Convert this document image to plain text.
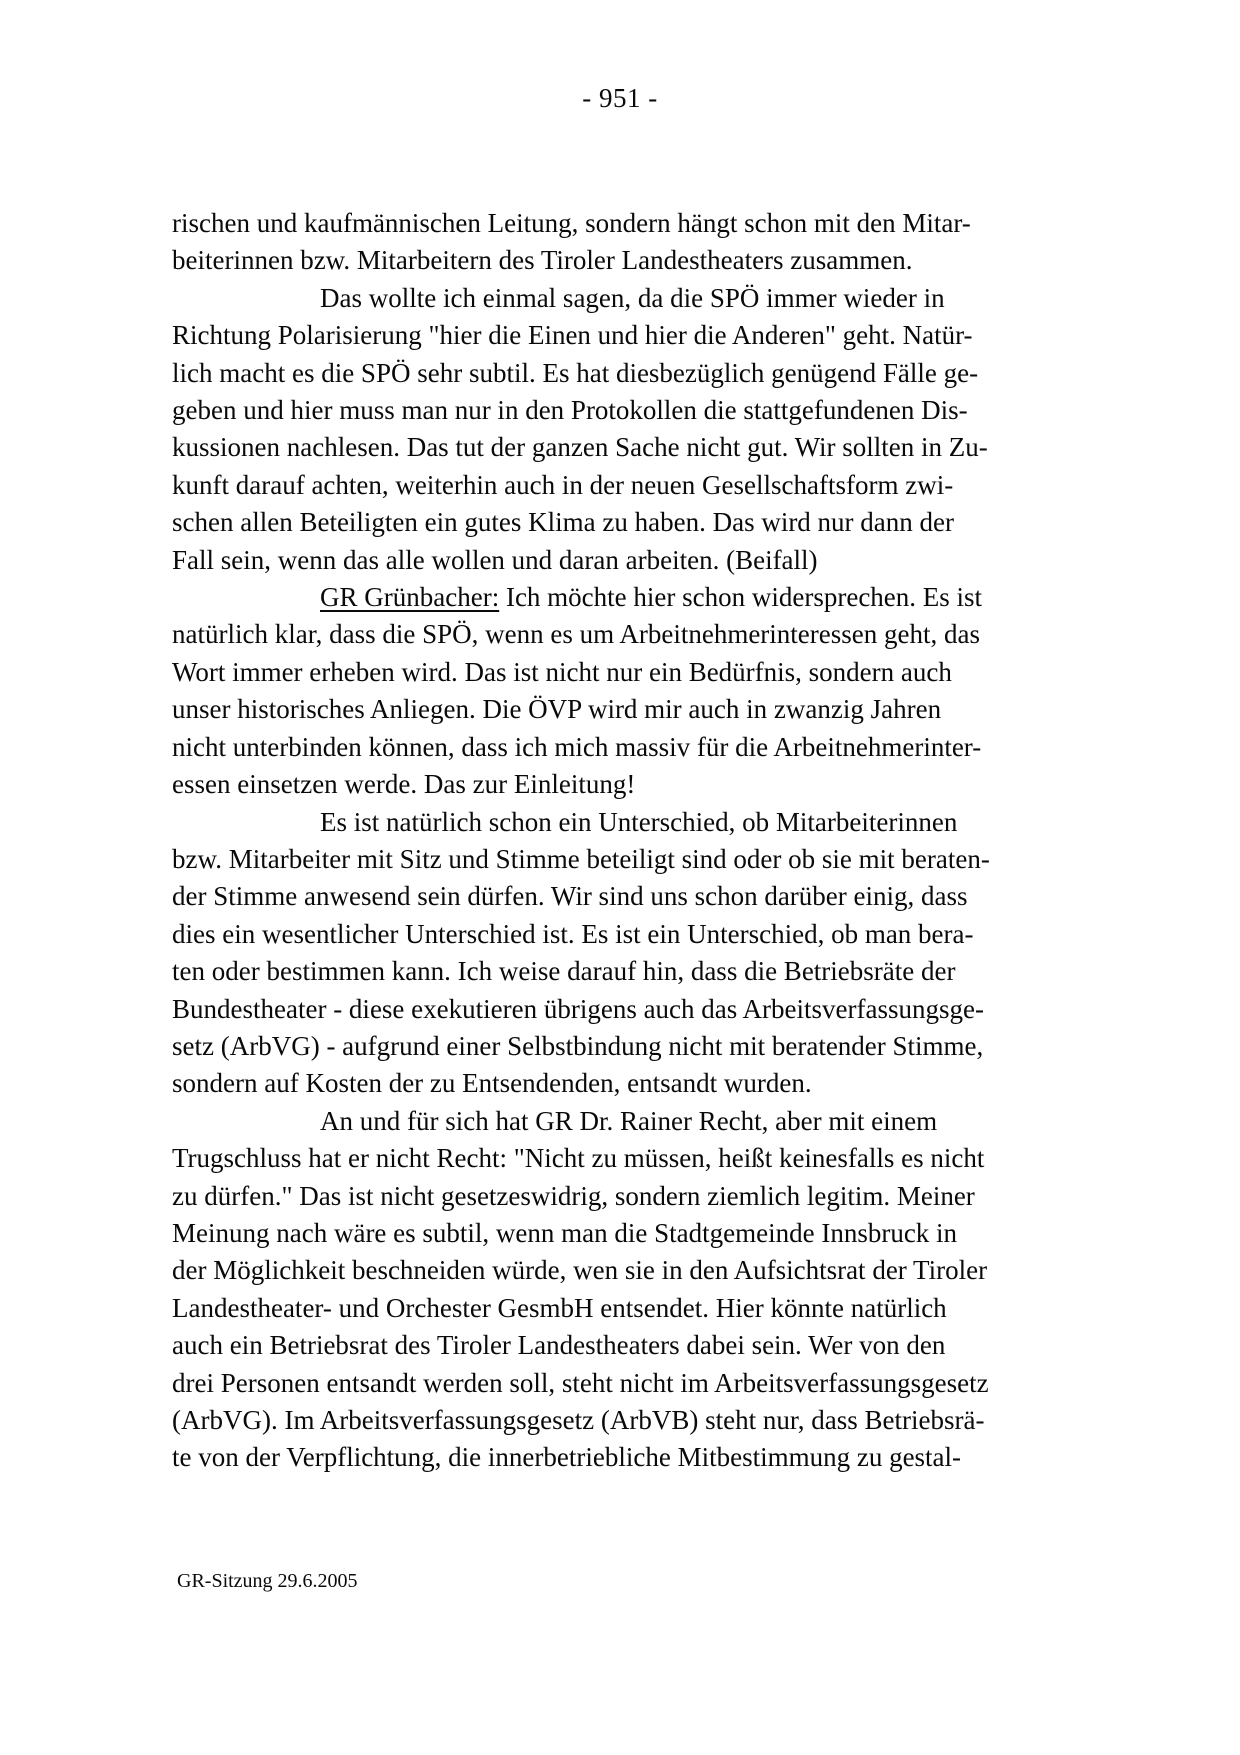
- 951 -
rischen und kaufmännischen Leitung, sondern hängt schon mit den Mitar-
beiterinnen bzw. Mitarbeitern des Tiroler Landestheaters zusammen.
Das wollte ich einmal sagen, da die SPÖ immer wieder in
Richtung Polarisierung "hier die Einen und hier die Anderen" geht. Natür-
lich macht es die SPÖ sehr subtil. Es hat diesbezüglich genügend Fälle ge-
geben und hier muss man nur in den Protokollen die stattgefundenen Dis-
kussionen nachlesen. Das tut der ganzen Sache nicht gut. Wir sollten in Zu-
kunft darauf achten, weiterhin auch in der neuen Gesellschaftsform zwi-
schen allen Beteiligten ein gutes Klima zu haben. Das wird nur dann der
Fall sein, wenn das alle wollen und daran arbeiten. (Beifall)
GR Grünbacher: Ich möchte hier schon widersprechen. Es ist
natürlich klar, dass die SPÖ, wenn es um Arbeitnehmerinteressen geht, das
Wort immer erheben wird. Das ist nicht nur ein Bedürfnis, sondern auch
unser historisches Anliegen. Die ÖVP wird mir auch in zwanzig Jahren
nicht unterbinden können, dass ich mich massiv für die Arbeitnehmerinter-
essen einsetzen werde. Das zur Einleitung!
Es ist natürlich schon ein Unterschied, ob Mitarbeiterinnen
bzw. Mitarbeiter mit Sitz und Stimme beteiligt sind oder ob sie mit beraten-
der Stimme anwesend sein dürfen. Wir sind uns schon darüber einig, dass
dies ein wesentlicher Unterschied ist. Es ist ein Unterschied, ob man bera-
ten oder bestimmen kann. Ich weise darauf hin, dass die Betriebsräte der
Bundestheater - diese exekutieren übrigens auch das Arbeitsverfassungsge-
setz (ArbVG) - aufgrund einer Selbstbindung nicht mit beratender Stimme,
sondern auf Kosten der zu Entsendenden, entsandt wurden.
An und für sich hat GR Dr. Rainer Recht, aber mit einem
Trugschluss hat er nicht Recht: "Nicht zu müssen, heißt keinesfalls es nicht
zu dürfen." Das ist nicht gesetzeswidrig, sondern ziemlich legitim. Meiner
Meinung nach wäre es subtil, wenn man die Stadtgemeinde Innsbruck in
der Möglichkeit beschneiden würde, wen sie in den Aufsichtsrat der Tiroler
Landestheater- und Orchester GesmbH entsendet. Hier könnte natürlich
auch ein Betriebsrat des Tiroler Landestheaters dabei sein. Wer von den
drei Personen entsandt werden soll, steht nicht im Arbeitsverfassungsgesetz
(ArbVG). Im Arbeitsverfassungsgesetz (ArbVB) steht nur, dass Betriebsrä-
te von der Verpflichtung, die innerbetriebliche Mitbestimmung zu gestal-
GR-Sitzung 29.6.2005
